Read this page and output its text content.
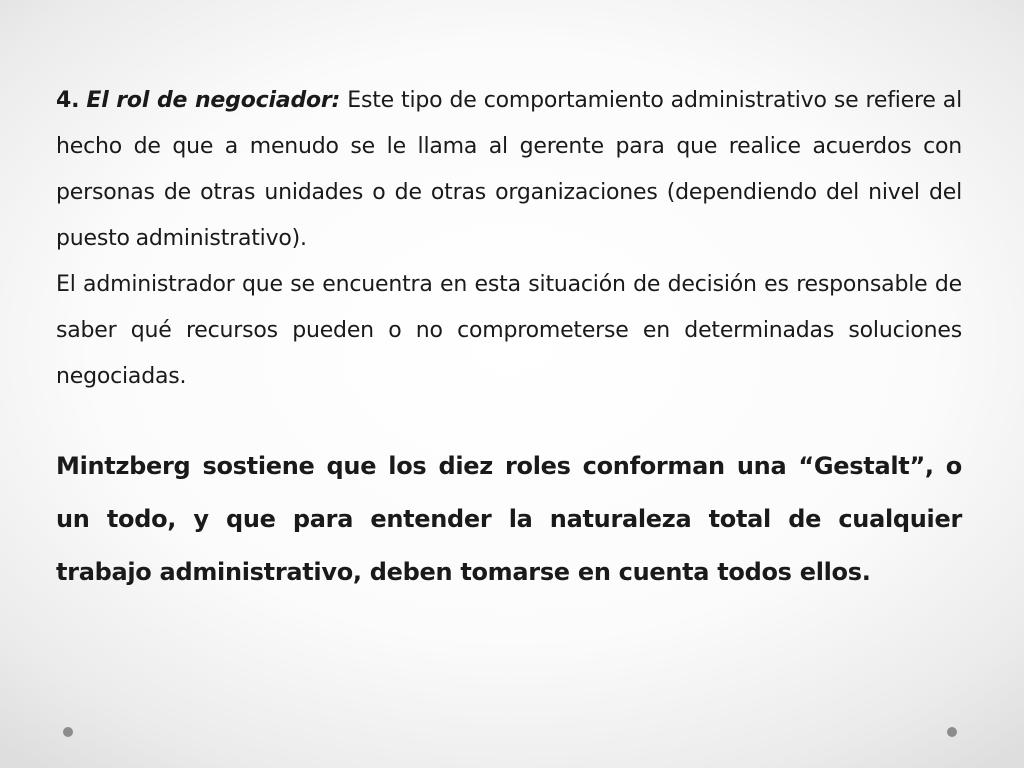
4. El rol de negociador: Este tipo de comportamiento administrativo se refiere al hecho de que a menudo se le llama al gerente para que realice acuerdos con personas de otras unidades o de otras organizaciones (dependiendo del nivel del puesto administrativo).

El administrador que se encuentra en esta situación de decisión es responsable de saber qué recursos pueden o no comprometerse en determinadas soluciones negociadas.

Mintzberg sostiene que los diez roles conforman una “Gestalt”, o un todo, y que para entender la naturaleza total de cualquier trabajo administrativo, deben tomarse en cuenta todos ellos.
